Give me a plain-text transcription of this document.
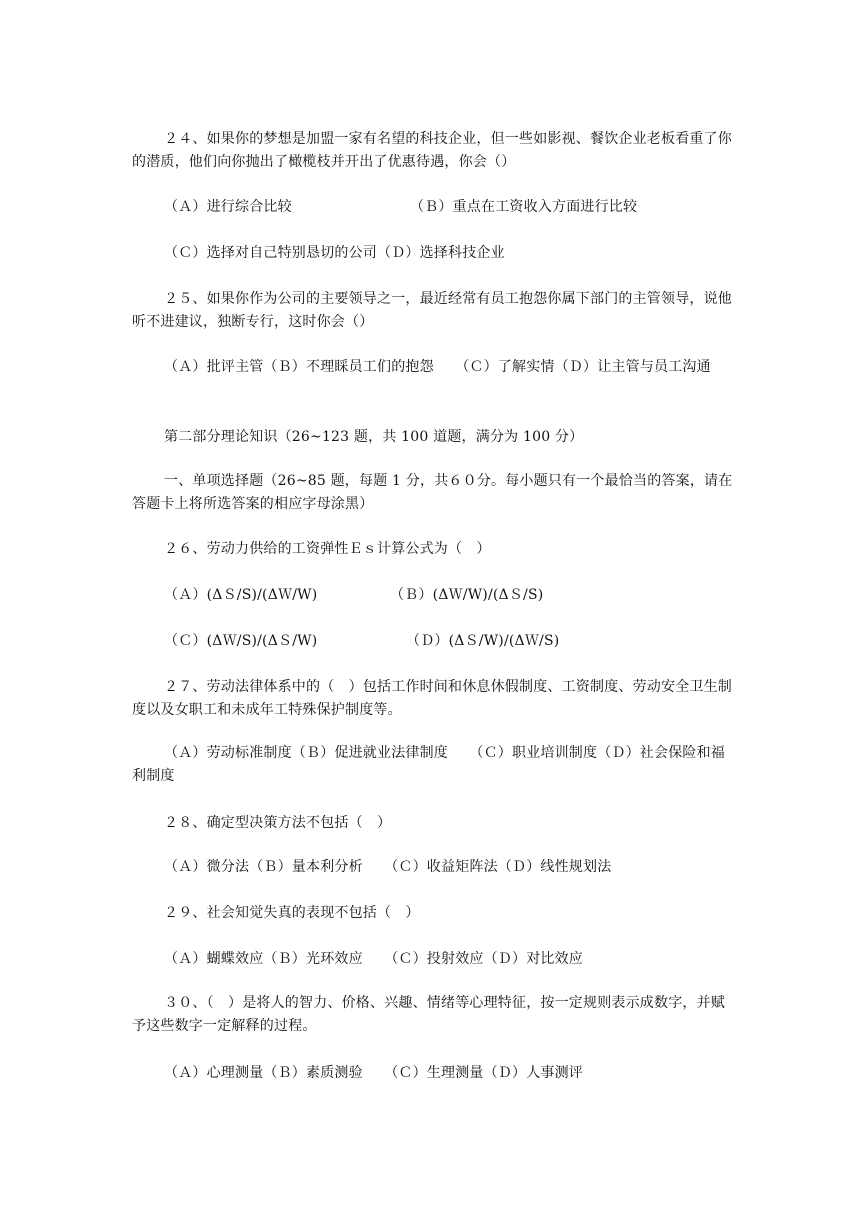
２４、如果你的梦想是加盟一家有名望的科技企业，但一些如影视、餐饮企业老板看重了你的潜质，他们向你抛出了橄榄枝并开出了优惠待遇，你会（）
（Ａ）进行综合比较	（Ｂ）重点在工资收入方面进行比较
（Ｃ）选择对自己特别恳切的公司（Ｄ）选择科技企业
２５、如果你作为公司的主要领导之一，最近经常有员工抱怨你属下部门的主管领导，说他听不进建议，独断专行，这时你会（）
（Ａ）批评主管（Ｂ）不理睬员工们的抱怨　　（Ｃ）了解实情（Ｄ）让主管与员工沟通
第二部分理论知识（26~123 题，共 100 道题，满分为 100 分）
一、单项选择题（26~85 题，每题 1 分，共６０分。每小题只有一个最恰当的答案，请在答题卡上将所选答案的相应字母涂黑）
２６、劳动力供给的工资弹性Ｅｓ计算公式为（　）
（Ａ）(ΔＳ/S)/(ΔＷ/W)	（Ｂ）(ΔＷ/W)/(ΔＳ/S)
（Ｃ）(ΔＷ/S)/(ΔＳ/W)	（Ｄ）(ΔＳ/W)/(ΔＷ/S)
２７、劳动法律体系中的（　）包括工作时间和休息休假制度、工资制度、劳动安全卫生制度以及女职工和未成年工特殊保护制度等。
（Ａ）劳动标准制度（Ｂ）促进就业法律制度　　（Ｃ）职业培训制度（Ｄ）社会保险和福利制度
２８、确定型决策方法不包括（　）
（Ａ）微分法（Ｂ）量本利分析　　（Ｃ）收益矩阵法（Ｄ）线性规划法
２９、社会知觉失真的表现不包括（　）
（Ａ）蝴蝶效应（Ｂ）光环效应　　（Ｃ）投射效应（Ｄ）对比效应
３０、（　）是将人的智力、价格、兴趣、情绪等心理特征，按一定规则表示成数字，并赋予这些数字一定解释的过程。
（Ａ）心理测量（Ｂ）素质测验　　（Ｃ）生理测量（Ｄ）人事测评
